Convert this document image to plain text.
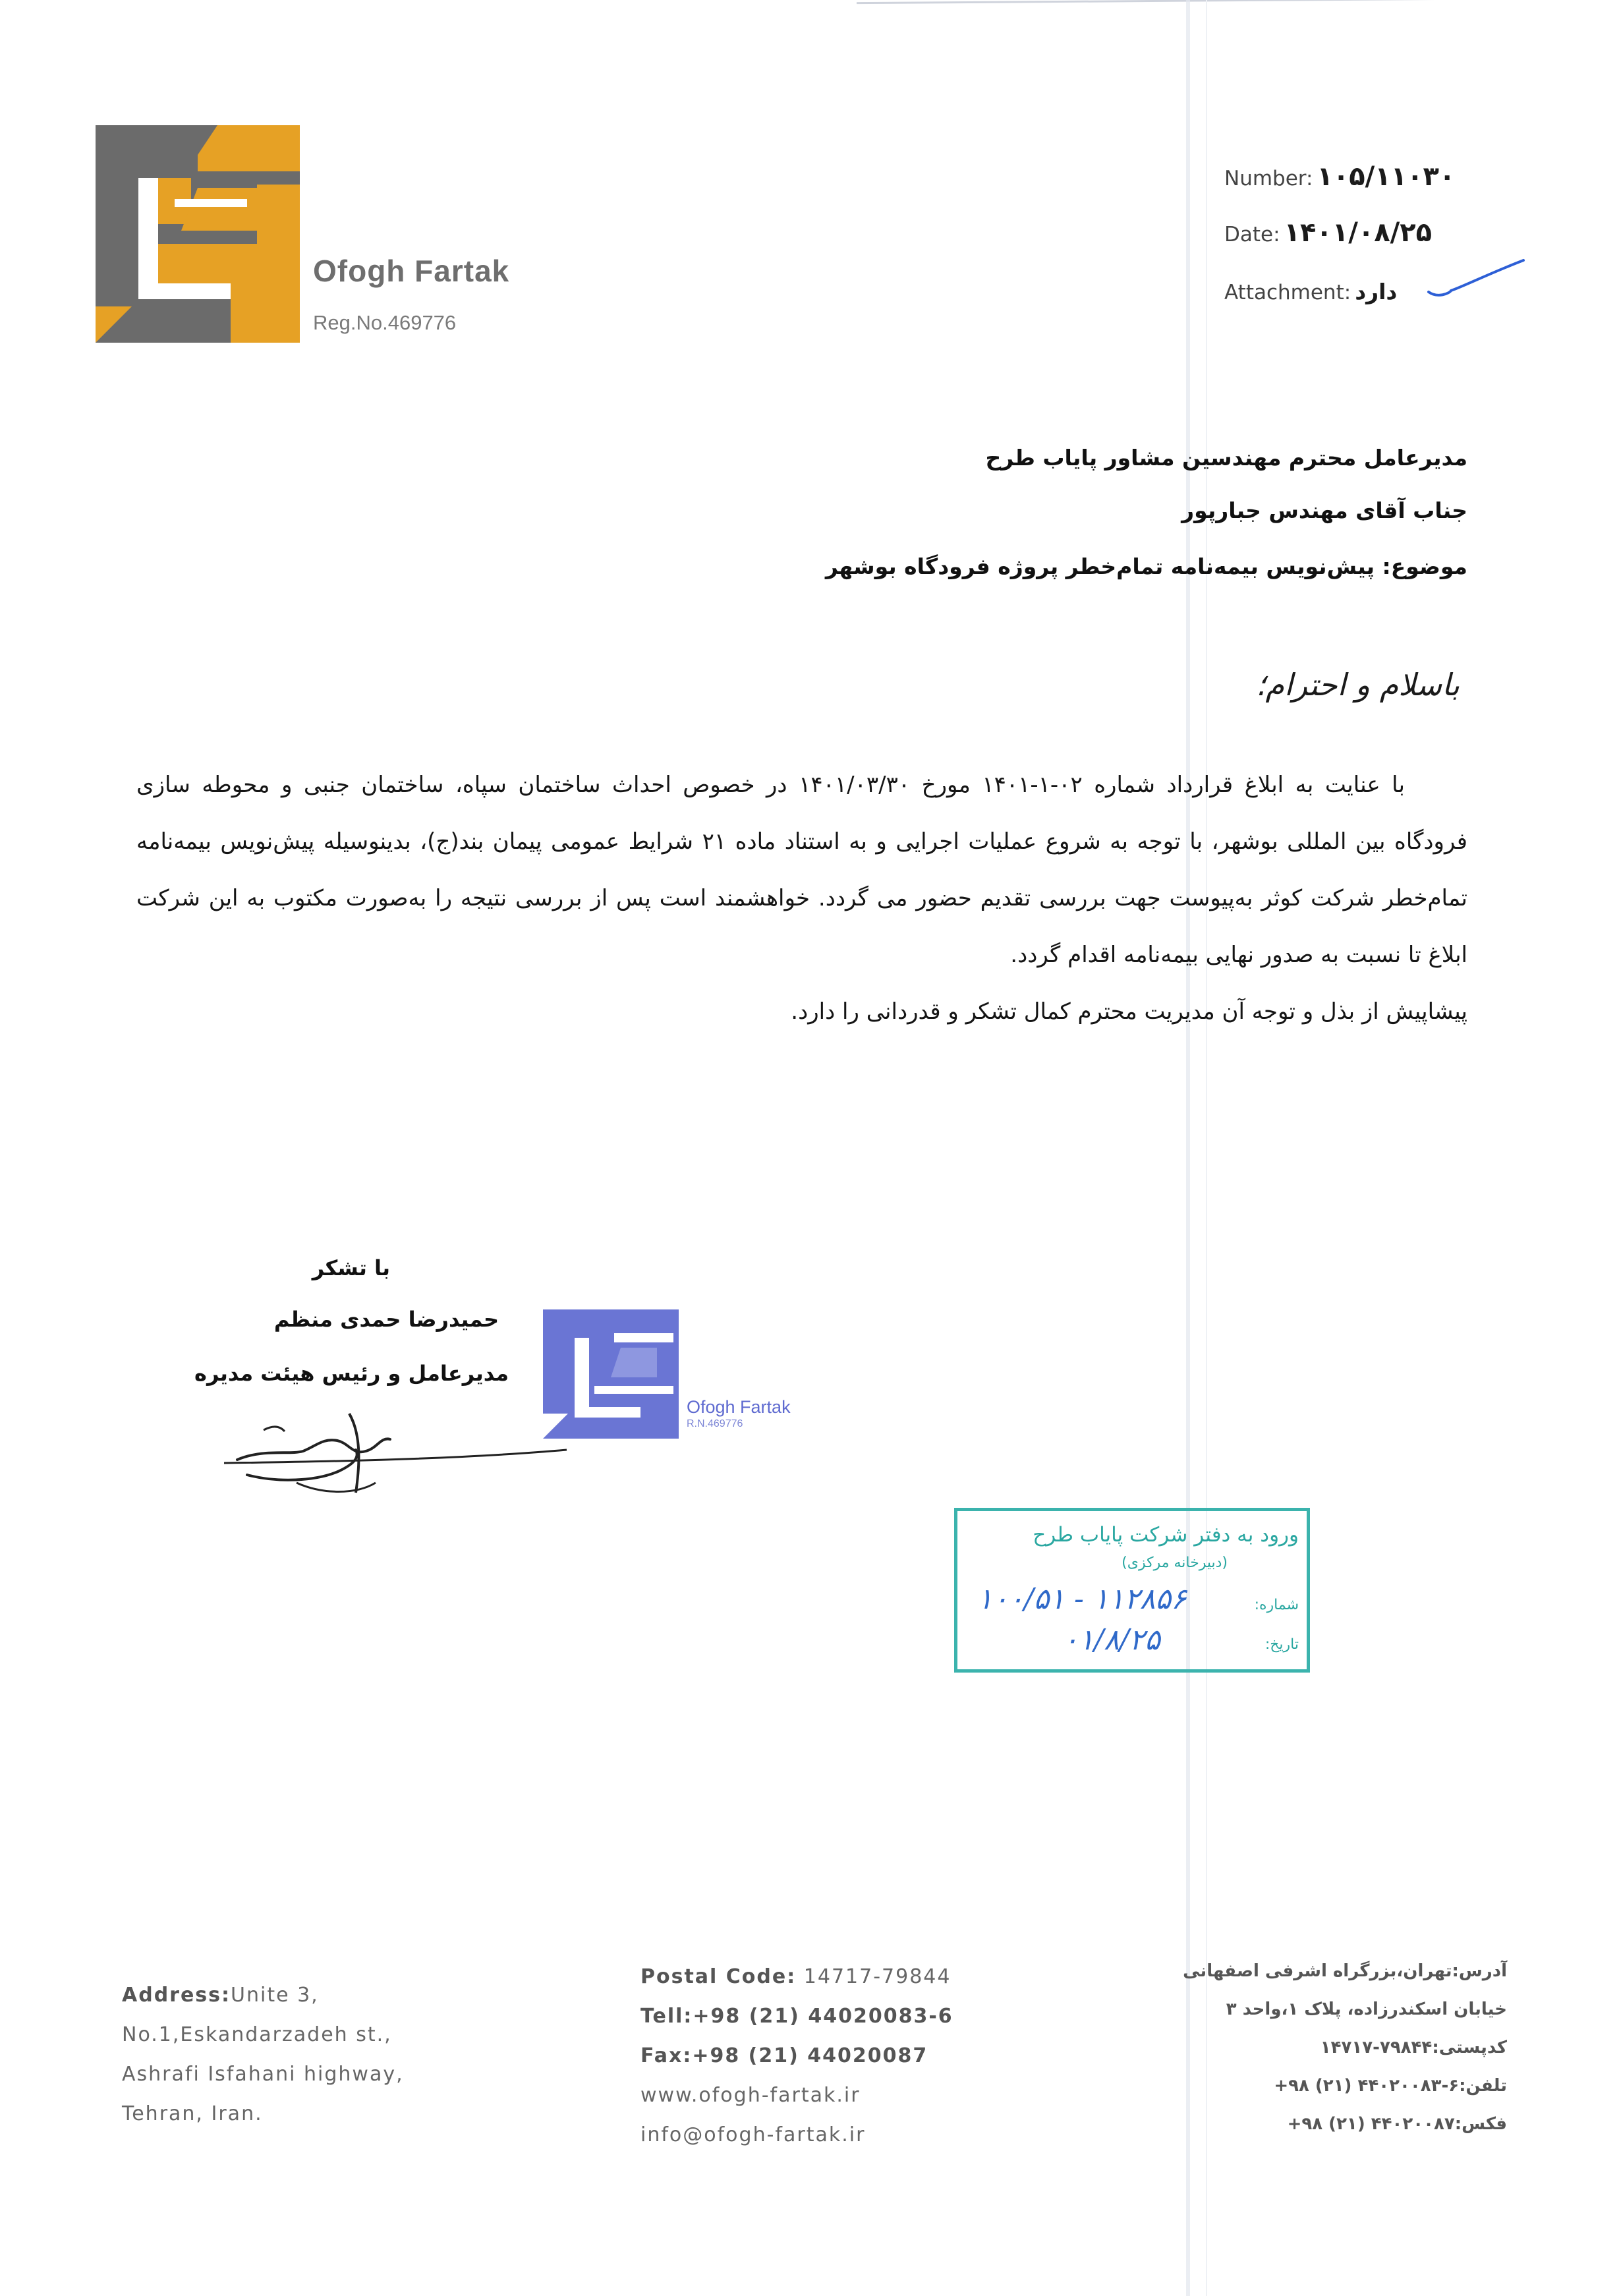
Ofogh Fartak
Reg.No.469776
Number: ۱۰۵/۱۱۰۳۰
Date: ۱۴۰۱/۰۸/۲۵
Attachment: دارد
مدیرعامل محترم مهندسین مشاور پایاب طرح
جناب آقای مهندس جبارپور
موضوع: پیش‌نویس بیمه‌نامه تمام‌خطر پروژه فرودگاه بوشهر
باسلام و احترام؛

با عنایت به ابلاغ قرارداد شماره ۰۲-۱-۱۴۰۱ مورخ ۱۴۰۱/۰۳/۳۰ در خصوص احداث ساختمان سپاه، ساختمان جنبی و محوطه سازی فرودگاه بین المللی بوشهر، با توجه به شروع عملیات اجرایی و به استناد ماده ۲۱ شرایط عمومی پیمان بند(ج)، بدینوسیله پیش‌نویس بیمه‌نامه تمام‌خطر شرکت کوثر به‌پیوست جهت بررسی تقدیم حضور می گردد. خواهشمند است پس از بررسی نتیجه را به‌صورت مکتوب به این شرکت ابلاغ تا نسبت به صدور نهایی بیمه‌نامه اقدام گردد.

پیشاپیش از بذل و توجه آن مدیریت محترم کمال تشکر و قدردانی را دارد.

با تشکر
حمیدرضا حمدی منظم
مدیرعامل و رئیس هیئت مدیره
Ofogh Fartak
R.N.469776
ورود به دفتر شرکت پایاب طرح
(دبیرخانه مرکزی)
شماره:
۱۰۰/۵۱ - ۱۱۲۸۵۶
تاریخ:
۰۱/۸/۲۵
Address:Unite 3,
No.1,Eskandarzadeh st.,
Ashrafi Isfahani highway,
Tehran, Iran.
Postal Code: 14717-79844
Tell:+98 (21) 44020083-6
Fax:+98 (21) 44020087
www.ofogh-fartak.ir
info@ofogh-fartak.ir
آدرس:تهران،بزرگراه اشرفی اصفهانی
خیابان اسکندرزاده، پلاک ۱،واحد ۳
کدپستی:۷۹۸۴۴-۱۴۷۱۷
تلفن:۶-۴۴۰۲۰۰۸۳ (۲۱) ۹۸+
فکس:۴۴۰۲۰۰۸۷ (۲۱) ۹۸+
